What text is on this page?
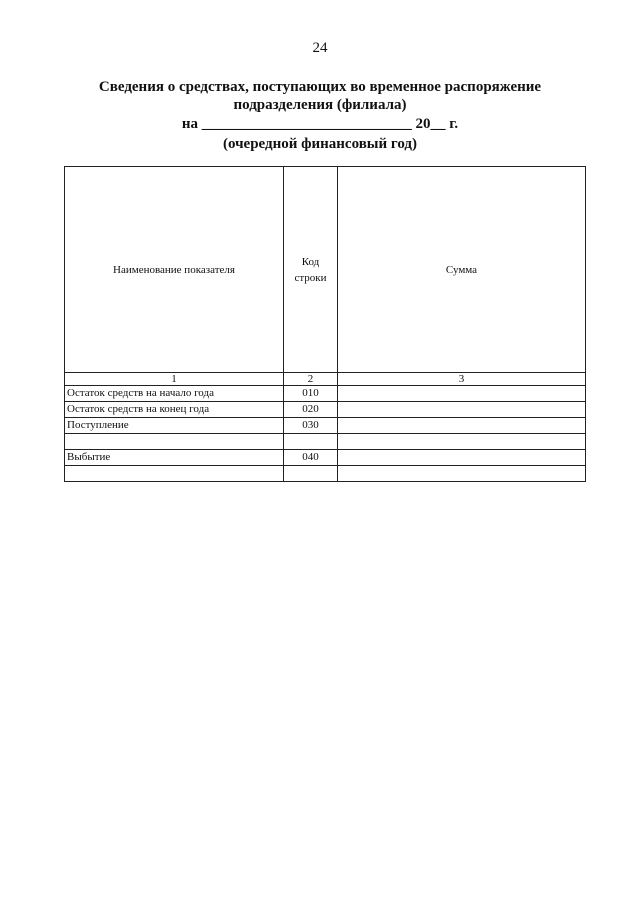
24
Сведения о средствах, поступающих во временное распоряжение
подразделения (филиала)
на ____________________________ 20__ г.
(очередной финансовый год)
Наименование показателя	Код строки	Сумма
1	2	3
Остаток средств на начало года	010	
Остаток средств на конец года	020	
Поступление	030	

Выбытие	040	
